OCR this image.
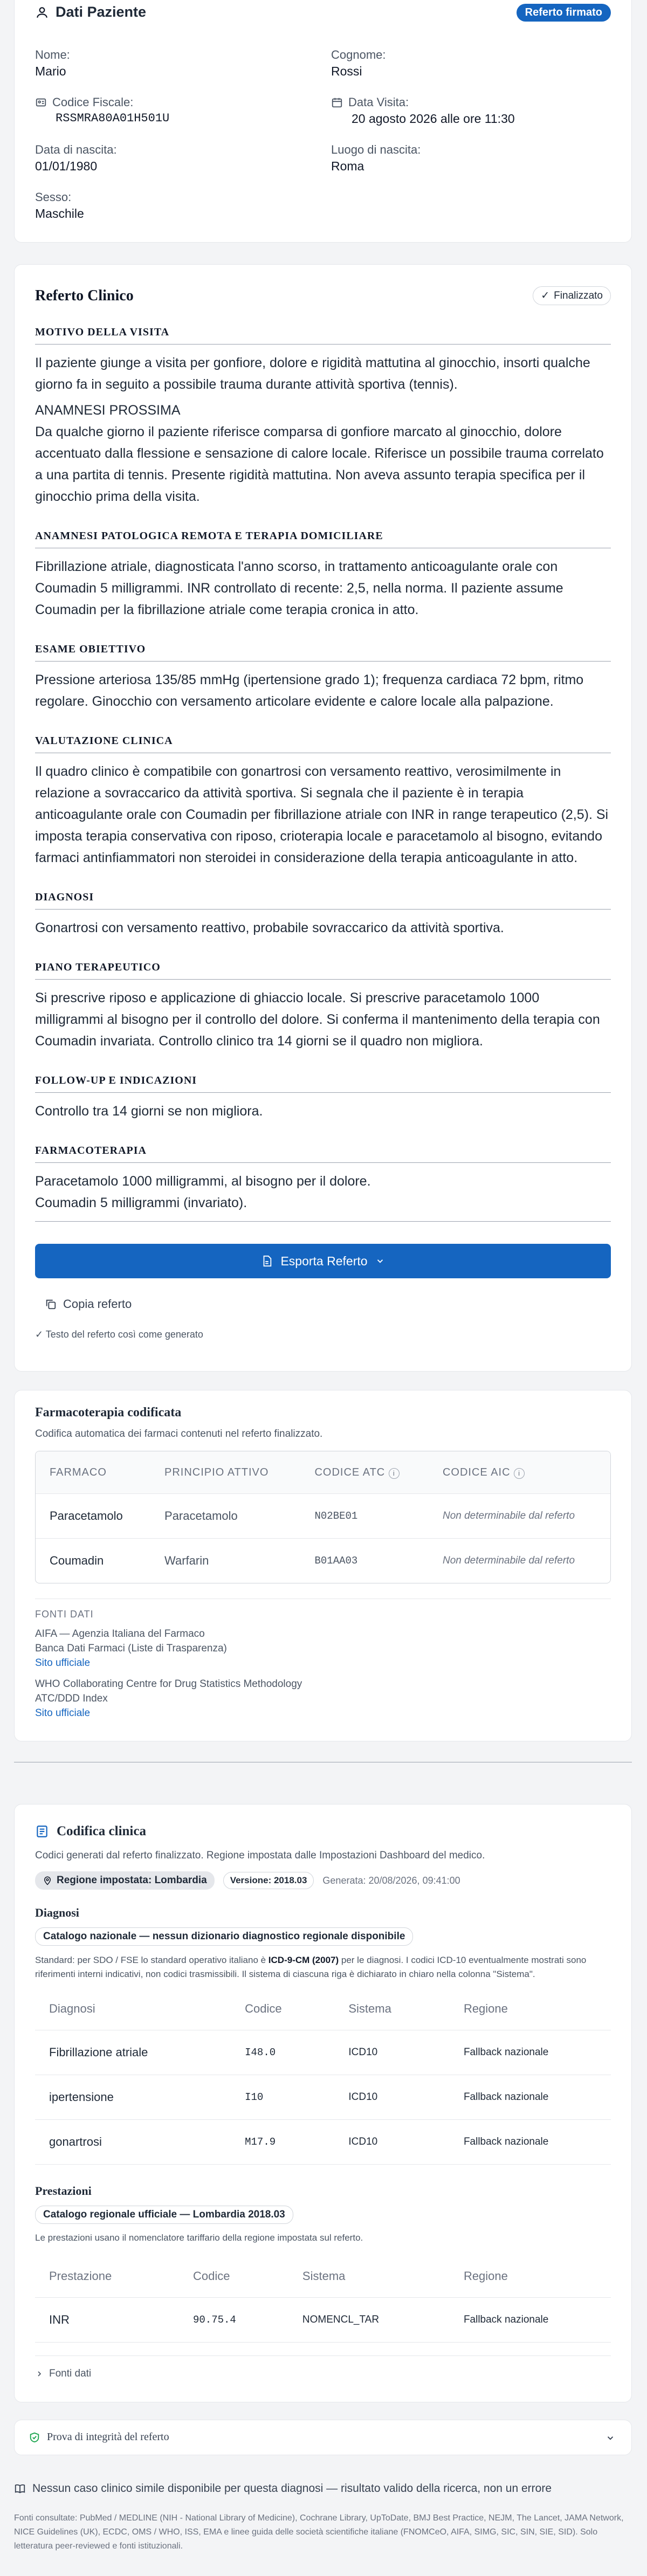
Dati Paziente	Referto firmato
Nome:
Mario
Cognome:
Rossi
Codice Fiscale:
RSSMRA80A01H501U
Data Visita:
20 agosto 2026 alle ore 11:30
Data di nascita:
01/01/1980
Luogo di nascita:
Roma
Sesso:
Maschile
Referto Clinico	✓ Finalizzato
MOTIVO DELLA VISITA

Il paziente giunge a visita per gonfiore, dolore e rigidità mattutina al ginocchio, insorti qualche giorno fa in seguito a possibile trauma durante attività sportiva (tennis).

ANAMNESI PROSSIMA

Da qualche giorno il paziente riferisce comparsa di gonfiore marcato al ginocchio, dolore accentuato dalla flessione e sensazione di calore locale. Riferisce un possibile trauma correlato a una partita di tennis. Presente rigidità mattutina. Non aveva assunto terapia specifica per il ginocchio prima della visita.

ANAMNESI PATOLOGICA REMOTA E TERAPIA DOMICILIARE

Fibrillazione atriale, diagnosticata l'anno scorso, in trattamento anticoagulante orale con Coumadin 5 milligrammi. INR controllato di recente: 2,5, nella norma. Il paziente assume Coumadin per la fibrillazione atriale come terapia cronica in atto.

ESAME OBIETTIVO

Pressione arteriosa 135/85 mmHg (ipertensione grado 1); frequenza cardiaca 72 bpm, ritmo regolare. Ginocchio con versamento articolare evidente e calore locale alla palpazione.

VALUTAZIONE CLINICA

Il quadro clinico è compatibile con gonartrosi con versamento reattivo, verosimilmente in relazione a sovraccarico da attività sportiva. Si segnala che il paziente è in terapia anticoagulante orale con Coumadin per fibrillazione atriale con INR in range terapeutico (2,5). Si imposta terapia conservativa con riposo, crioterapia locale e paracetamolo al bisogno, evitando farmaci antinfiammatori non steroidei in considerazione della terapia anticoagulante in atto.

DIAGNOSI

Gonartrosi con versamento reattivo, probabile sovraccarico da attività sportiva.

PIANO TERAPEUTICO

Si prescrive riposo e applicazione di ghiaccio locale. Si prescrive paracetamolo 1000 milligrammi al bisogno per il controllo del dolore. Si conferma il mantenimento della terapia con Coumadin invariata. Controllo clinico tra 14 giorni se il quadro non migliora.

FOLLOW-UP E INDICAZIONI

Controllo tra 14 giorni se non migliora.

FARMACOTERAPIA

Paracetamolo 1000 milligrammi, al bisogno per il dolore.

Coumadin 5 milligrammi (invariato).

Esporta Referto
Copia referto
✓ Testo del referto così come generato
Farmacoterapia codificata
Codifica automatica dei farmaci contenuti nel referto finalizzato.
FARMACO	PRINCIPIO ATTIVO	CODICE ATC i	CODICE AIC i
Paracetamolo	Paracetamolo	N02BE01	Non determinabile dal referto
Coumadin	Warfarin	B01AA03	Non determinabile dal referto
FONTI DATI
AIFA — Agenzia Italiana del Farmaco
Banca Dati Farmaci (Liste di Trasparenza)
Sito ufficiale
WHO Collaborating Centre for Drug Statistics Methodology
ATC/DDD Index
Sito ufficiale
Codifica clinica
Codici generati dal referto finalizzato. Regione impostata dalle Impostazioni Dashboard del medico.
Regione impostata: Lombardia	Versione: 2018.03	Generata: 20/08/2026, 09:41:00
Diagnosi
Catalogo nazionale — nessun dizionario diagnostico regionale disponibile
Standard: per SDO / FSE lo standard operativo italiano è ICD-9-CM (2007) per le diagnosi. I codici ICD-10 eventualmente mostrati sono riferimenti interni indicativi, non codici trasmissibili. Il sistema di ciascuna riga è dichiarato in chiaro nella colonna "Sistema".
Diagnosi	Codice	Sistema	Regione
Fibrillazione atriale	I48.0	ICD10	Fallback nazionale
ipertensione	I10	ICD10	Fallback nazionale
gonartrosi	M17.9	ICD10	Fallback nazionale
Prestazioni
Catalogo regionale ufficiale — Lombardia 2018.03
Le prestazioni usano il nomenclatore tariffario della regione impostata sul referto.
Prestazione	Codice	Sistema	Regione
INR	90.75.4	NOMENCL_TAR	Fallback nazionale
Fonti dati
Prova di integrità del referto
Nessun caso clinico simile disponibile per questa diagnosi — risultato valido della ricerca, non un errore
Fonti consultate: PubMed / MEDLINE (NIH - National Library of Medicine), Cochrane Library, UpToDate, BMJ Best Practice, NEJM, The Lancet, JAMA Network, NICE Guidelines (UK), ECDC, OMS / WHO, ISS, EMA e linee guida delle società scientifiche italiane (FNOMCeO, AIFA, SIMG, SIC, SIN, SIE, SID). Solo letteratura peer-reviewed e fonti istituzionali.
